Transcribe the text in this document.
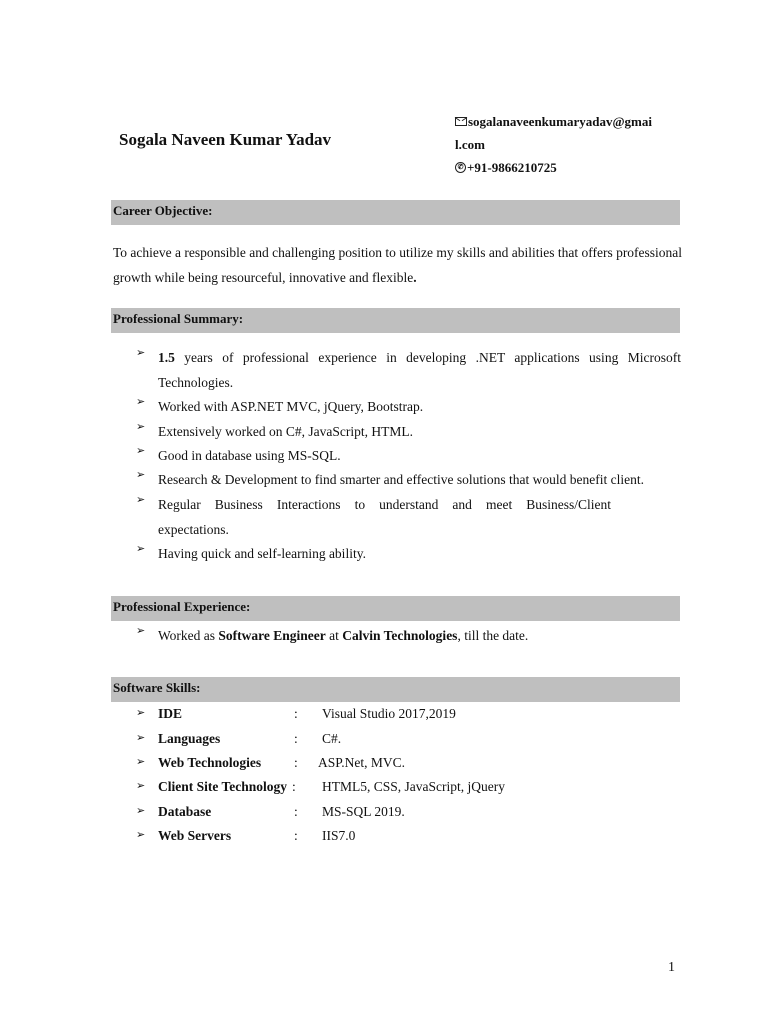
Sogala Naveen Kumar Yadav
sogalanaveenkumaryadav@gmai
l.com
✆ +91-9866210725
Career Objective:
To achieve a responsible and challenging position to utilize my skills and abilities that offers professional
growth while being resourceful, innovative and flexible.
Professional Summary:
➢ 1.5 years of professional experience in developing .NET applications using Microsoft
Technologies.
➢ Worked with ASP.NET MVC, jQuery, Bootstrap.
➢ Extensively worked on C#, JavaScript, HTML.
➢ Good in database using MS-SQL.
➢ Research & Development to find smarter and effective solutions that would benefit client.
➢ Regular Business Interactions to understand and meet Business/Client
expectations.
➢ Having quick and self-learning ability.
Professional Experience:
➢ Worked as Software Engineer at Calvin Technologies, till the date.
Software Skills:
➢ IDE	: Visual Studio 2017,2019
➢ Languages	: C#.
➢ Web Technologies : ASP.Net, MVC.
➢ Client Site Technology : HTML5, CSS, JavaScript, jQuery
➢ Database	: MS-SQL 2019.
➢ Web Servers	: IIS7.0
1
